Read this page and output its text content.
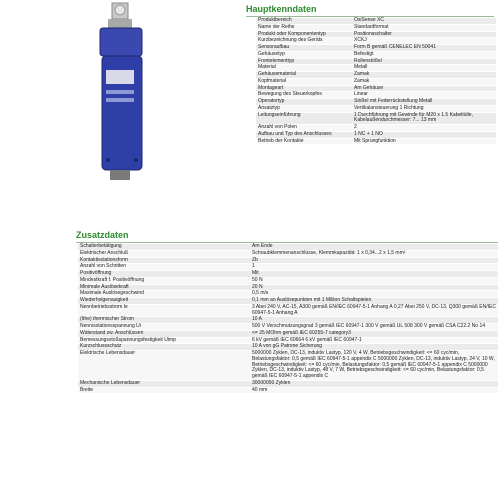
Hauptkenndaten
Produktbereich	OsiSense XC
Name der Reihe	Standardformat
Produkt oder Komponententyp	Positionsschalter
Kurzbezeichnung des Geräts	XCKJ
Sensoraufbau	Form B gemäß CENELEC EN 50041
Gehäusetyp	Befestigt
Frontelementtyp	Rollenstößel
Material	Metall
Gehäusematerial	Zamak
Kopfmaterial	Zamak
Montageart	Am Gehäuse
Bewegung des Steuerkopfes	Linear
Operatortyp	Stößel mit Federrückstellung Metall
Ansatztyp	Vertikalansteuerung 1 Richtung
Leitungseinführung	1 Durchführung mit Gewinde für M20 x 1.5 Kabeltülle, Kabelaußendurchmesser: 7... 13 mm
Anzahl von Polen	2
Aufbau und Typ des Anschlusses	1 NC + 1 NO
Betrieb der Kontakte	Mit Sprungfunktion
Zusatzdaten
Schalterbetätigung	Am Ende
Elektrischer Anschluß	Schraubklemmenanschlüsse, Klemmkapazität: 1 x 0,34...2 x 1,5 mm²
Kontaktisolationsform	Zb
Anzahl von Schritten	1
Positivöffnung	Mit
Mindestkraft f. Positivöffnung	50 N
Minimale Auslösekraft	20 N
Maximale Auslösegeschwind	0,5 m/s
Wiederholgenauigkeit	0,1 mm an Auslösepunkten mit 1 Million Schaltspielen
Nennbetriebsstrom Ie	3 Abei 240 V, AC-15, A300 gemäß EN/IEC 60947-5-1 Anhang A 0,27 Abei 250 V, DC-13, Q300 gemäß EN/IEC 60947-5-1 Anhang A
(Ithe) thermischer Strom	10 A
Nennisolationsspannung Ui	500 V Verschmutzungsgrad 3 gemäß IEC 60947-1 300 V gemäß UL 508 300 V gemäß CSA C22.2 No 14
Widerstand zw. Anschlüssen	<= 25 MOhm gemäß IEC 60255-7 category3
Bemessungsstoßspannungsfestigkeit Uimp	6 kV gemäß IEC 60664 6 kV gemäß IEC 60947-1
Kurzschlussschutz	10 A von gG Patrone Sicherung
Elektrische Lebensdauer	5000000 Zyklen, DC-13, induktiv Lastyp, 120 V, 4 W, Betriebsgeschwindigkeit: <= 60 cyc/min, Belastungsfaktor: 0,5 gemäß IEC 60947-5-1 appendix C 5000000 Zyklen, DC-13, induktiv Lastyp, 24 V, 10 W, Betriebsgeschwindigkeit: <= 60 cyc/min, Belastungsfaktor: 0,5 gemäß IEC 60947-5-1 appendix C 5000000 Zyklen, DC-13, induktiv Lastyp, 48 V, 7 W, Betriebsgeschwindigkeit: <= 60 cyc/min, Belastungsfaktor: 0,5 gemäß IEC 60947-5-1 appendix C
Mechanische Lebensdauer	30000000 Zyklen
Breite	40 mm
